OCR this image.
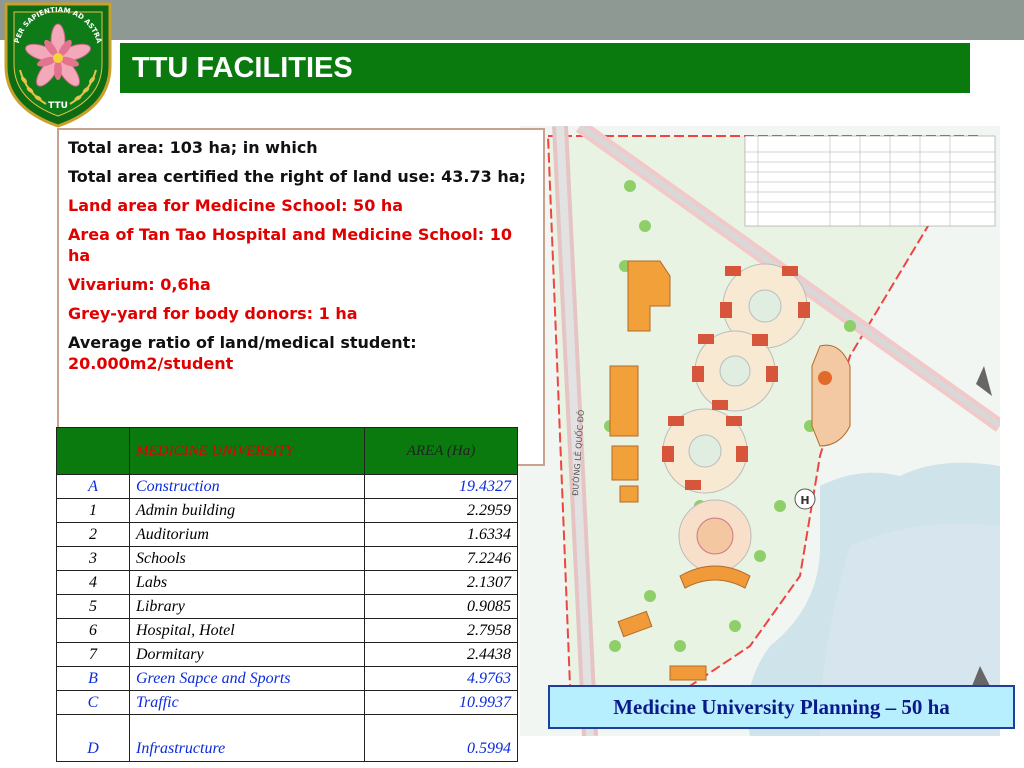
PER SAPIENTIAM AD ASTRA
TTU
TTU FACILITIES
ĐƯỜNG LÊ QUỐC ĐÔ
H

Total area: 103 ha; in which

Total area certified the right of land use: 43.73 ha;

Land area for Medicine School: 50 ha

Area of Tan Tao Hospital and Medicine School: 10 ha

Vivarium: 0,6ha

Grey-yard for body donors: 1 ha

Average ratio of land/medical student:
20.000m2/student

	MEDICINE UNIVERSITY	AREA (Ha)
A	Construction	19.4327
1	Admin building	2.2959
2	Auditorium	1.6334
3	Schools	7.2246
4	Labs	2.1307
5	Library	0.9085
6	Hospital, Hotel	2.7958
7	Dormitary	2.4438
B	Green Sapce and Sports	4.9763
C	Traffic	10.9937
D	Infrastructure	0.5994
Medicine University Planning – 50 ha
